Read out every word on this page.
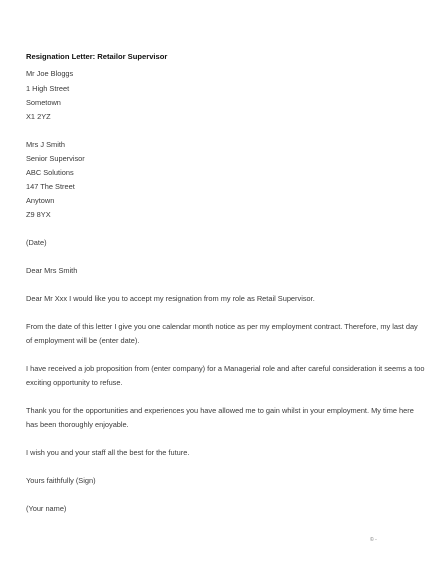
Resignation Letter: Retailor Supervisor
Mr Joe Bloggs
1 High Street
Sometown
X1 2YZ
Mrs J Smith
Senior Supervisor
ABC Solutions
147 The Street
Anytown
Z9 8YX
(Date)
Dear Mrs Smith
Dear Mr Xxx I would like you to accept my resignation from my role as Retail Supervisor.
From the date of this letter I give you one calendar month notice as per my employment contract. Therefore, my last day
of employment will be (enter date).
I have received a job proposition from (enter company) for a Managerial role and after careful consideration it seems a too
exciting opportunity to refuse.
Thank you for the opportunities and experiences you have allowed me to gain whilst in your employment. My time here
has been thoroughly enjoyable.
I wish you and your staff all the best for the future.
Yours faithfully (Sign)
(Your name)
© -
